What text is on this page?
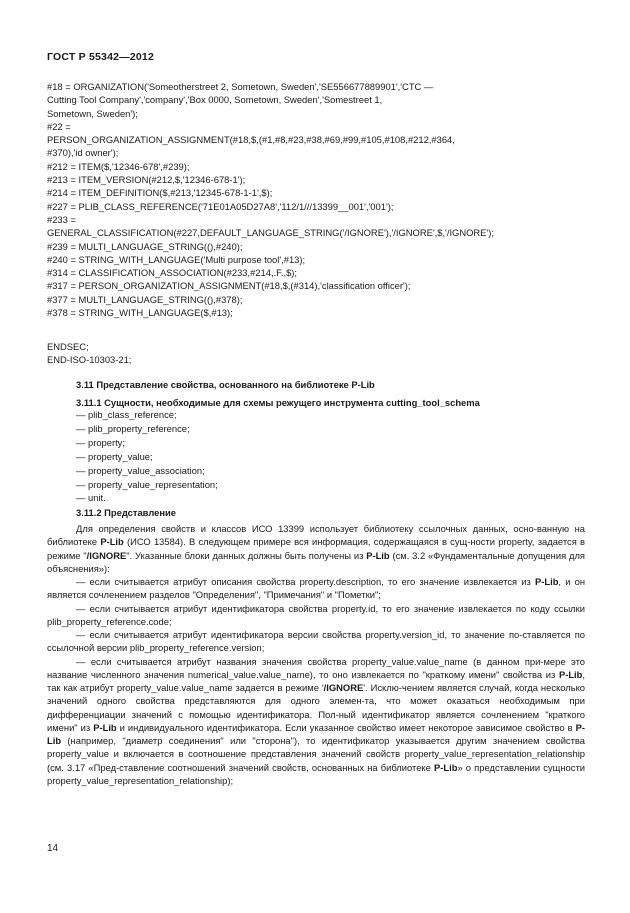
ГОСТ Р 55342—2012
#18 = ORGANIZATION('Someotherstreet 2, Sometown, Sweden','SE556677889901','CTC —
Cutting Tool Company','company','Box 0000, Sometown, Sweden','Somestreet 1,
Sometown, Sweden');
#22 =
PERSON_ORGANIZATION_ASSIGNMENT(#18,$,(#1,#8,#23,#38,#69,#99,#105,#108,#212,#364,
#370),'id owner');
#212 = ITEM($,'12346-678',#239);
#213 = ITEM_VERSION(#212,$,'12346-678-1');
#214 = ITEM_DEFINITION($,#213,'12345-678-1-1',$);
#227 = PLIB_CLASS_REFERENCE('71E01A05D27A8','112/1///13399__001','001');
#233 =
GENERAL_CLASSIFICATION(#227,DEFAULT_LANGUAGE_STRING('/IGNORE'),'/IGNORE',$,'/IGNORE');
#239 = MULTI_LANGUAGE_STRING((),#240);
#240 = STRING_WITH_LANGUAGE('Multi purpose tool',#13);
#314 = CLASSIFICATION_ASSOCIATION(#233,#214,.F.,$);
#317 = PERSON_ORGANIZATION_ASSIGNMENT(#18,$,(#314),'classification officer');
#377 = MULTI_LANGUAGE_STRING((),#378);
#378 = STRING_WITH_LANGUAGE($,#13);
ENDSEC;
END-ISO-10303-21;
3.11 Представление свойства, основанного на библиотеке P-Lib
3.11.1 Сущности, необходимые для схемы режущего инструмента cutting_tool_schema
— plib_class_reference;
— plib_property_reference;
— property;
— property_value;
— property_value_association;
— property_value_representation;
— unit.
3.11.2 Представление

Для определения свойств и классов ИСО 13399 использует библиотеку ссылочных данных, осно-ванную на библиотеке P-Lib (ИСО 13584). В следующем примере вся информация, содержащаяся в сущ-ности property, задается в режиме "/IGNORE". Указанные блоки данных должны быть получены из P-Lib (см. 3.2 «Фундаментальные допущения для объяснения»):

— если считывается атрибут описания свойства property.description, то его значение извлекается из P-Lib, и он является сочленением разделов "Определения", "Примечания" и "Пометки";

— если считывается атрибут идентификатора свойства property.id, то его значение извлекается по коду ссылки plib_property_reference.code;

— если считывается атрибут идентификатора версии свойства property.version_id, то значение по-ставляется по ссылочной версии plib_property_reference.version;

— если считывается атрибут названия значения свойства property_value.value_name (в данном при-мере это название численного значения numerical_value.value_name), то оно извлекается по "краткому имени" свойства из P-Lib, так как атрибут property_value.value_name задается в режиме '/IGNORE'. Исклю-чением является случай, когда несколько значений одного свойства представляются для одного элемен-та, что может оказаться необходимым при дифференциации значений с помощью идентификатора. Пол-ный идентификатор является сочленением "краткого имени" из P-Lib и индивидуального идентификатора. Если указанное свойство имеет некоторое зависимое свойство в P-Lib (например, "диаметр соединения" или "сторона"), то идентификатор указывается другим значением свойства property_value и включается в соотношение представления значений свойств property_value_representation_relationship (см. 3.17 «Пред-ставление соотношений значений свойств, основанных на библиотеке P-Lib» о представлении сущности property_value_representation_relationship);

14
